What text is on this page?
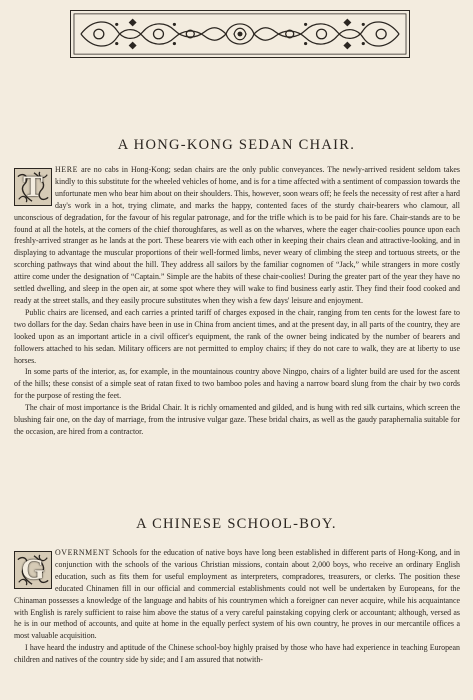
A HONG-KONG SEDAN CHAIR.
T

HERE are no cabs in Hong-Kong; sedan chairs are the only public conveyances. The newly-arrived resident seldom takes kindly to this substitute for the wheeled vehicles of home, and is for a time affected with a sentiment of compassion towards the unfortunate men who bear him about on their shoulders. This, however, soon wears off; he feels the necessity of rest after a hard day's work in a hot, trying climate, and marks the happy, contented faces of the sturdy chair-bearers who clamour, all unconscious of degradation, for the favour of his regular patronage, and for the trifle which is to be paid for his fare. Chair-stands are to be found at all the hotels, at the corners of the chief thoroughfares, as well as on the wharves, where the eager chair-coolies pounce upon each freshly-arrived stranger as he lands at the port. These bearers vie with each other in keeping their chairs clean and attractive-looking, and in displaying to advantage the muscular proportions of their well-formed limbs, never weary of climbing the steep and tortuous streets, or the scorching pathways that wind about the hill. They address all sailors by the familiar cognomen of “Jack,” while strangers in more costly attire come under the designation of “Captain.” Simple are the habits of these chair-coolies! During the greater part of the year they have no settled dwelling, and sleep in the open air, at some spot where they will wake to find business early astir. They find their food cooked and ready at the street stalls, and they easily procure substitutes when they wish a few days' leisure and enjoyment.

Public chairs are licensed, and each carries a printed tariff of charges exposed in the chair, ranging from ten cents for the lowest fare to two dollars for the day. Sedan chairs have been in use in China from ancient times, and at the present day, in all parts of the country, they are looked upon as an important article in a civil officer's equipment, the rank of the owner being indicated by the number of bearers and followers attached to his sedan. Military officers are not permitted to employ chairs; if they do not care to walk, they are at liberty to use horses.

In some parts of the interior, as, for example, in the mountainous country above Ningpo, chairs of a lighter build are used for the ascent of the hills; these consist of a simple seat of ratan fixed to two bamboo poles and having a narrow board slung from the chair by two cords for the purpose of resting the feet.

The chair of most importance is the Bridal Chair. It is richly ornamented and gilded, and is hung with red silk curtains, which screen the blushing fair one, on the day of marriage, from the intrusive vulgar gaze. These bridal chairs, as well as the gaudy paraphernalia suitable for the occasion, are hired from a contractor.

A CHINESE SCHOOL-BOY.
G

OVERNMENT Schools for the education of native boys have long been established in different parts of Hong-Kong, and in conjunction with the schools of the various Christian missions, contain about 2,000 boys, who receive an ordinary English education, such as fits them for useful employment as interpreters, compradores, treasurers, or clerks. The position these educated Chinamen fill in our official and commercial establishments could not well be undertaken by Europeans, for the Chinaman possesses a knowledge of the language and habits of his countrymen which a foreigner can never acquire, while his acquaintance with English is rarely sufficient to raise him above the status of a very careful painstaking copying clerk or accountant; although, versed as he is in our method of accounts, and quite at home in the equally perfect system of his own country, he proves in our mercantile offices a most valuable acquisition.

I have heard the industry and aptitude of the Chinese school-boy highly praised by those who have had experience in teaching European children and natives of the country side by side; and I am assured that notwith-
